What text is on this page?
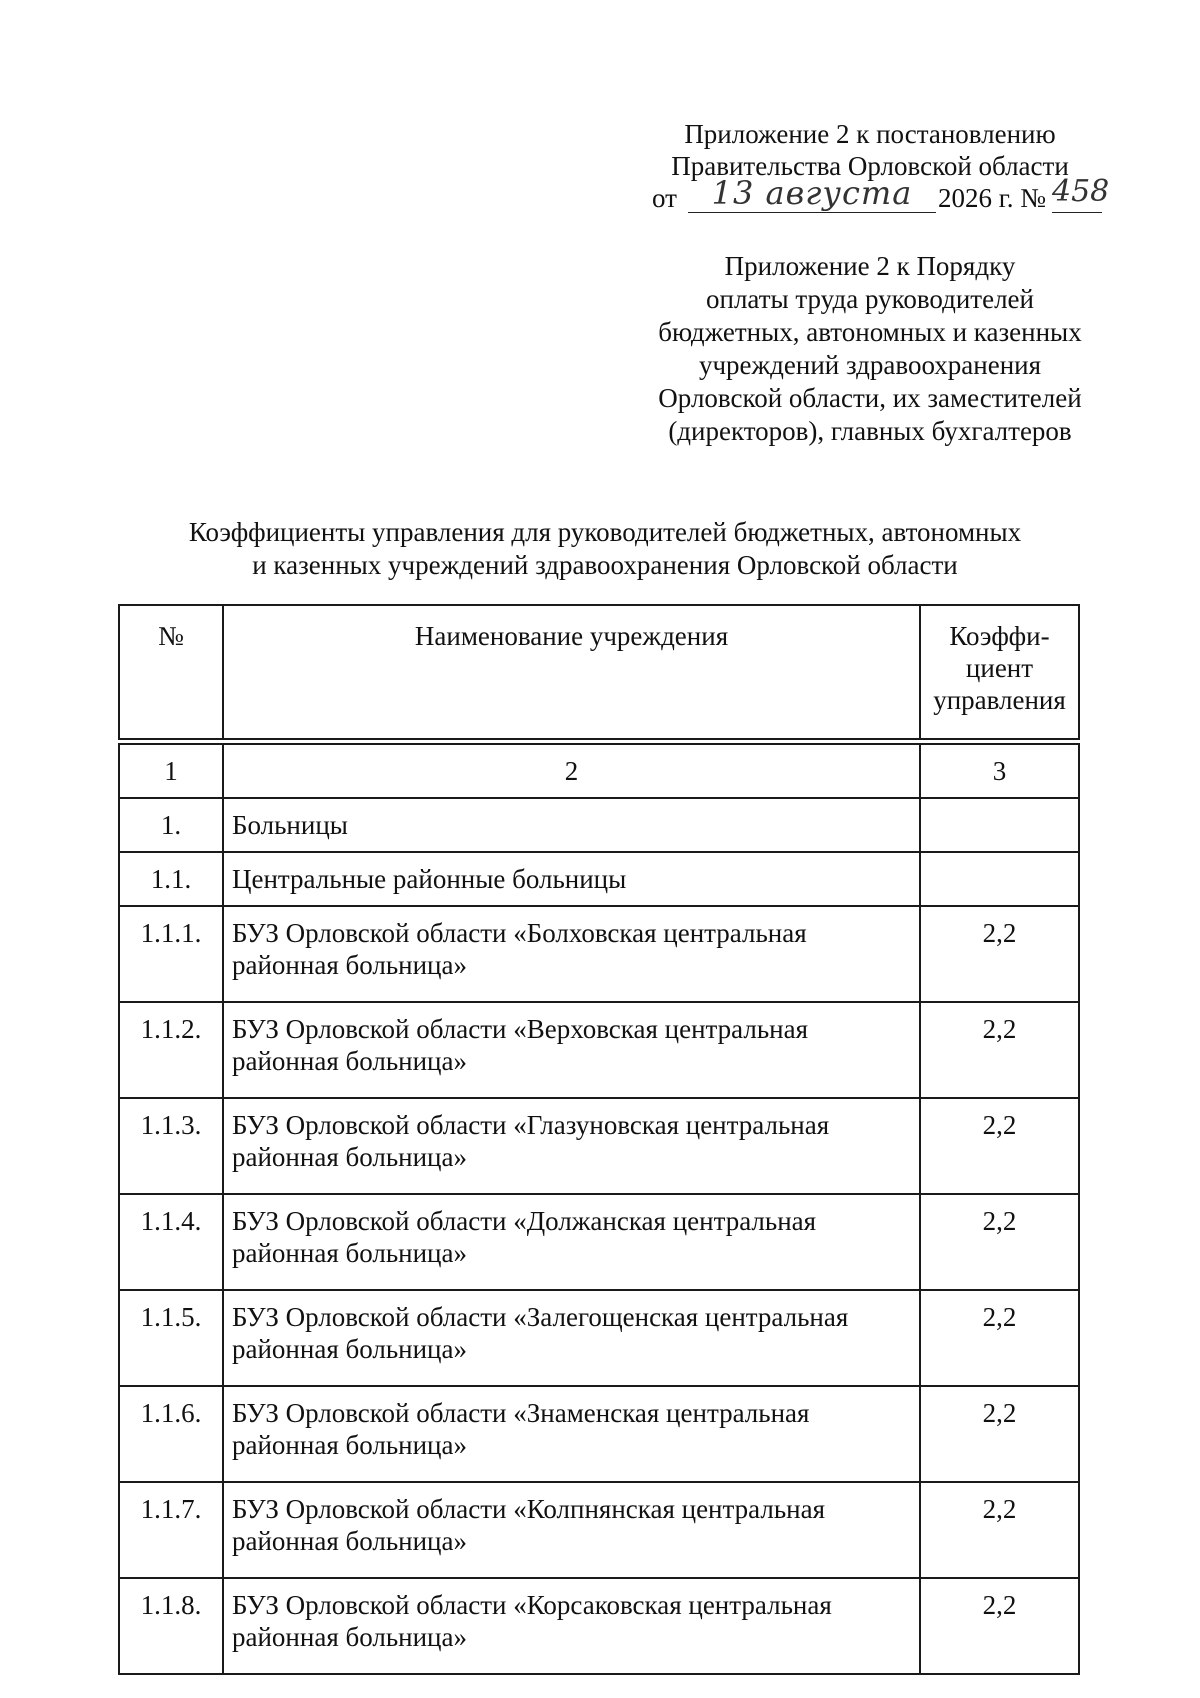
Приложение 2 к постановлению
Правительства Орловской области
от	13 августа 2026 г. № 458
Приложение 2 к Порядку
оплаты труда руководителей
бюджетных, автономных и казенных
учреждений здравоохранения
Орловской области, их заместителей
(директоров), главных бухгалтеров
Коэффициенты управления для руководителей бюджетных, автономных
и казенных учреждений здравоохранения Орловской области
№	Наименование учреждения	Коэффи-
циент
управления

1	2	3
1.	Больницы	
1.1.	Центральные районные больницы	
1.1.1.	БУЗ Орловской области «Болховская центральная
районная больница»	2,2
1.1.2.	БУЗ Орловской области «Верховская центральная
районная больница»	2,2
1.1.3.	БУЗ Орловской области «Глазуновская центральная
районная больница»	2,2
1.1.4.	БУЗ Орловской области «Должанская центральная
районная больница»	2,2
1.1.5.	БУЗ Орловской области «Залегощенская центральная
районная больница»	2,2
1.1.6.	БУЗ Орловской области «Знаменская центральная
районная больница»	2,2
1.1.7.	БУЗ Орловской области «Колпнянская центральная
районная больница»	2,2
1.1.8.	БУЗ Орловской области «Корсаковская центральная
районная больница»	2,2
